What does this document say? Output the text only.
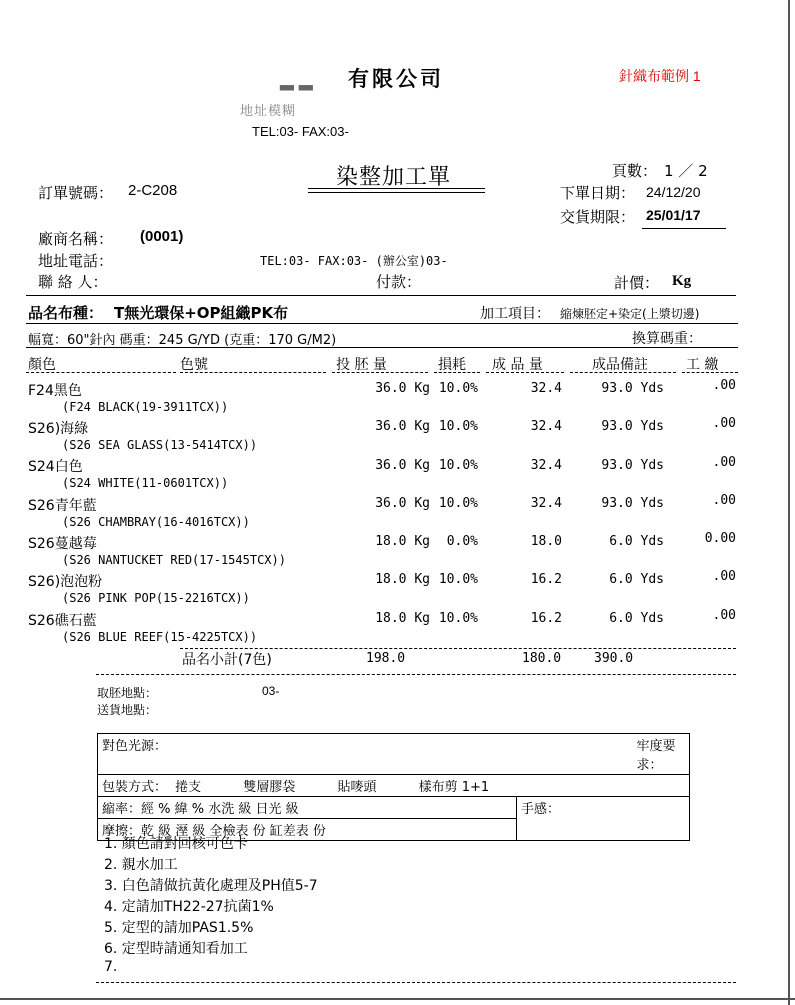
有限公司
▂ ▂
地址模糊
TEL:03- FAX:03-
針織布範例 1
染整加工單	頁數： 1 ／ 2
訂單號碼： 2-C208	下單日期： 24/12/20
交貨期限： 25/01/17
廠商名稱： (0001)
地址電話：	TEL:03- FAX:03- (辦公室)03-
聯 絡 人：	付款：	計價： Kg
品名布種： T無光環保+OP組織PK布	加工項目： 縮煉胚定+染定(上漿切邊)
幅寬：60"針內 碼重：245 G/YD (克重：170 G/M2)	換算碼重：
顏色	色號	投 胚 量	損耗 成 品 量	成品備註	工 繳
F24黑色
(F24 BLACK(19-3911TCX))
36.0 Kg 10.0%	32.4	93.0 Yds	.00
S26)海綠
(S26 SEA GLASS(13-5414TCX))
36.0 Kg 10.0%	32.4	93.0 Yds	.00
S24白色
(S24 WHITE(11-0601TCX))
36.0 Kg 10.0%	32.4	93.0 Yds	.00
S26青年藍
(S26 CHAMBRAY(16-4016TCX))
36.0 Kg 10.0%	32.4	93.0 Yds	.00
S26蔓越莓
(S26 NANTUCKET RED(17-1545TCX))
18.0 Kg	0.0%	18.0	6.0 Yds	0.00
S26)泡泡粉
(S26 PINK POP(15-2216TCX))
18.0 Kg 10.0%	16.2	6.0 Yds	.00
S26礁石藍
(S26 BLUE REEF(15-4225TCX))
18.0 Kg 10.0%	16.2	6.0 Yds	.00
品名小計(7色)	198.0	180.0	390.0
取胚地點：	03-
送貨地點：
對色光源：	牢度要求：
包裝方式： 捲支 雙層膠袋 貼嘜頭 樣布剪 1+1	

縮率：經 % 緯 % 水洗 級 日光 級
摩擦：乾 級 溼 級 全檢表 份 缸差表 份	手感：
1. 顏色請對回核可色卡
2. 親水加工
3. 白色請做抗黃化處理及PH值5-7
4. 定請加TH22-27抗菌1%
5. 定型的請加PAS1.5%
6. 定型時請通知看加工
7.
